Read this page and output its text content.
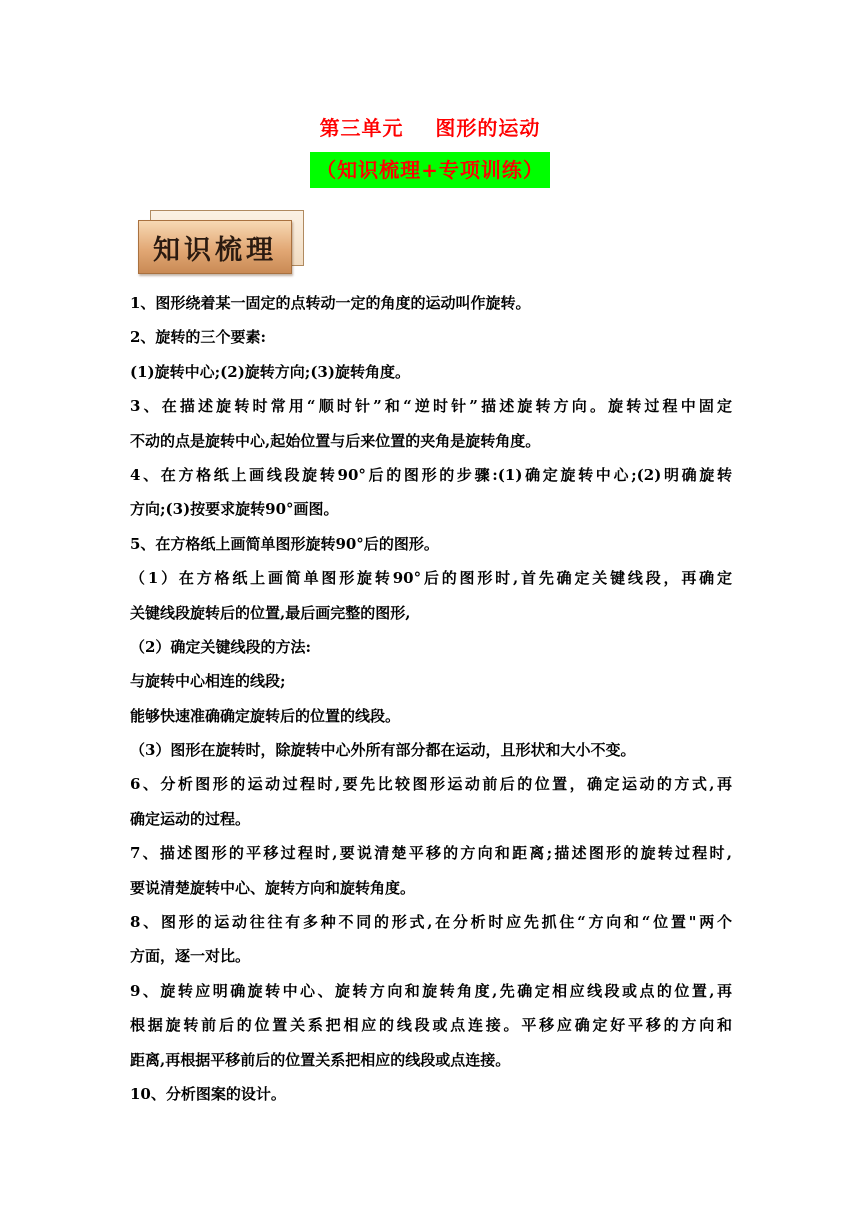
第三单元    图形的运动
（知识梳理+专项训练）
知识梳理
1、图形绕着某一固定的点转动一定的角度的运动叫作旋转。
2、旋转的三个要素:
(1)旋转中心;(2)旋转方向;(3)旋转角度。
3、在描述旋转时常用“顺时针”和“逆时针”描述旋转方向。旋转过程中固定
不动的点是旋转中心,起始位置与后来位置的夹角是旋转角度。
4、在方格纸上画线段旋转90°后的图形的步骤:(1)确定旋转中心;(2)明确旋转
方向;(3)按要求旋转90°画图。
5、在方格纸上画简单图形旋转90°后的图形。
（1）在方格纸上画简单图形旋转90°后的图形时,首先确定关键线段，再确定
关键线段旋转后的位置,最后画完整的图形,
（2）确定关键线段的方法:
与旋转中心相连的线段;
能够快速准确确定旋转后的位置的线段。
（3）图形在旋转时，除旋转中心外所有部分都在运动，且形状和大小不变。
6、分析图形的运动过程时,要先比较图形运动前后的位置，确定运动的方式,再
确定运动的过程。
7、描述图形的平移过程时,要说清楚平移的方向和距离;描述图形的旋转过程时,
要说清楚旋转中心、旋转方向和旋转角度。
8、图形的运动往往有多种不同的形式,在分析时应先抓住“方向和“位置"两个
方面，逐一对比。
9、旋转应明确旋转中心、旋转方向和旋转角度,先确定相应线段或点的位置,再
根据旋转前后的位置关系把相应的线段或点连接。平移应确定好平移的方向和
距离,再根据平移前后的位置关系把相应的线段或点连接。
10、分析图案的设计。
